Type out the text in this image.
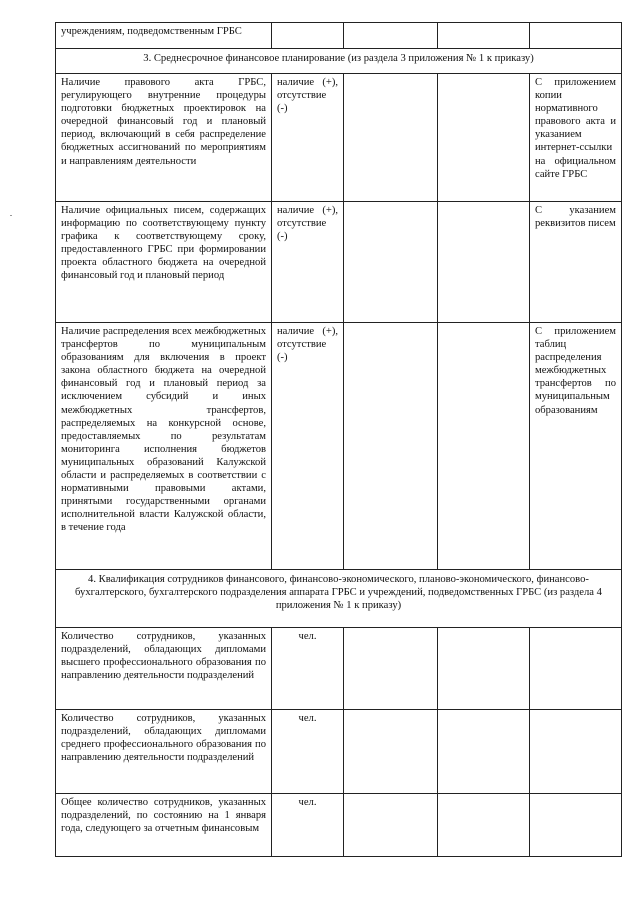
учреждениям, подведомственным ГРБС				
3. Среднесрочное финансовое планирование (из раздела 3 приложения № 1 к приказу)				
Наличие правового акта ГРБС, регулирующего внутренние процедуры подготовки бюджетных проектировок на очередной финансовый год и плановый период, включающий в себя распределение бюджетных ассигнований по мероприятиям и направлениям деятельности	наличие (+), отсутствие (-)			С приложением копии нормативного правового акта и указанием интернет-ссылки на официальном сайте ГРБС
Наличие официальных писем, содержащих информацию по соответствующему пункту графика к соответствующему сроку, предоставленного ГРБС при формировании проекта областного бюджета на очередной финансовый год и плановый период	наличие (+), отсутствие (-)			С указанием реквизитов писем
Наличие распределения всех межбюджетных трансфертов по муниципальным образованиям для включения в проект закона областного бюджета на очередной финансовый год и плановый период за исключением субсидий и иных межбюджетных трансфертов, распределяемых на конкурсной основе, предоставляемых по результатам мониторинга исполнения бюджетов муниципальных образований Калужской области и распределяемых в соответствии с нормативными правовыми актами, принятыми государственными органами исполнительной власти Калужской области, в течение года	наличие (+), отсутствие (-)			С приложением таблиц распределения межбюджетных трансфертов по муниципальным образованиям
4. Квалификация сотрудников финансового, финансово-экономического, планово-экономического, финансово-бухгалтерского, бухгалтерского подразделения аппарата ГРБС и учреждений, подведомственных ГРБС (из раздела 4 приложения № 1 к приказу)				
Количество сотрудников, указанных подразделений, обладающих дипломами высшего профессионального образования по направлению деятельности подразделений	чел.			
Количество сотрудников, указанных подразделений, обладающих дипломами среднего профессионального образования по направлению деятельности подразделений	чел.			
Общее количество сотрудников, указанных подразделений, по состоянию на 1 января года, следующего за отчетным финансовым	чел.			
